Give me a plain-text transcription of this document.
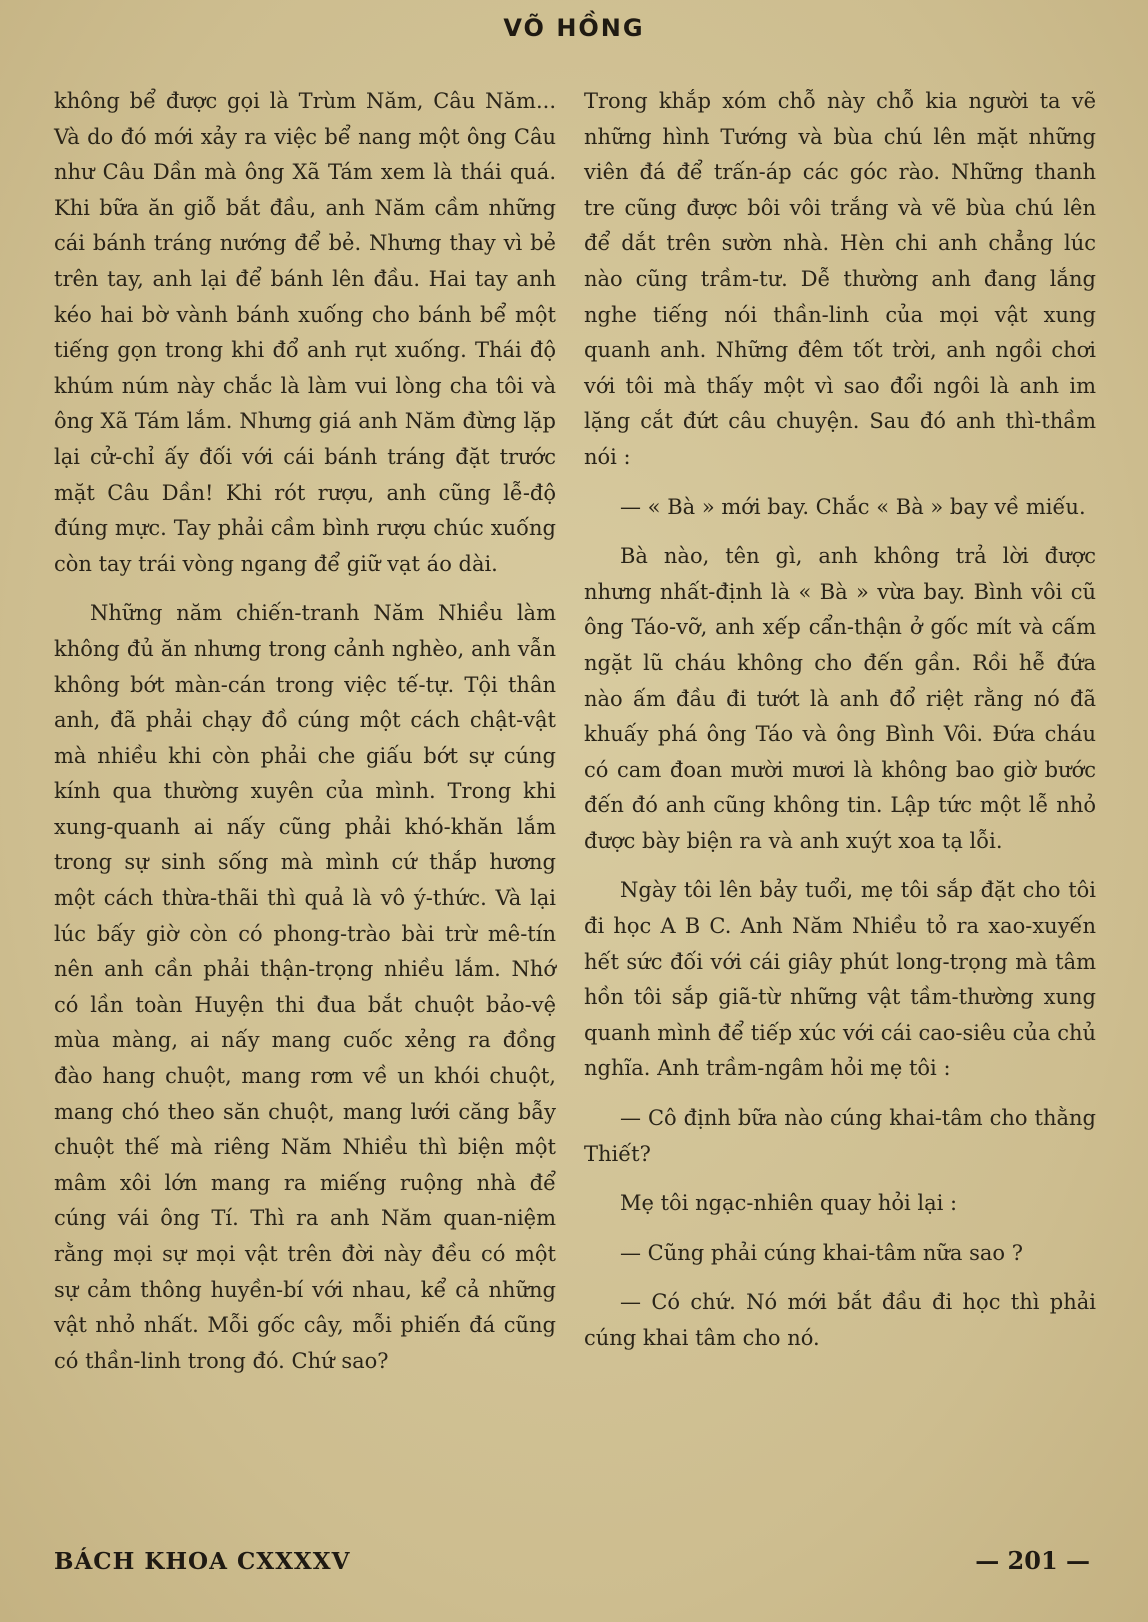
VÕ HỒNG

không bể được gọi là Trùm Năm, Câu Năm... Và do đó mới xảy ra việc bể nang một ông Câu như Câu Dần mà ông Xã Tám xem là thái quá. Khi bữa ăn giỗ bắt đầu, anh Năm cầm những cái bánh tráng nướng để bẻ. Nhưng thay vì bẻ trên tay, anh lại để bánh lên đầu. Hai tay anh kéo hai bờ vành bánh xuống cho bánh bể một tiếng gọn trong khi đổ anh rụt xuống. Thái độ khúm núm này chắc là làm vui lòng cha tôi và ông Xã Tám lắm. Nhưng giá anh Năm đừng lặp lại cử-chỉ ấy đối với cái bánh tráng đặt trước mặt Câu Dần! Khi rót rượu, anh cũng lễ-độ đúng mực. Tay phải cầm bình rượu chúc xuống còn tay trái vòng ngang để giữ vạt áo dài.

Những năm chiến-tranh Năm Nhiều làm không đủ ăn nhưng trong cảnh nghèo, anh vẫn không bớt màn-cán trong việc tế-tự. Tội thân anh, đã phải chạy đồ cúng một cách chật-vật mà nhiều khi còn phải che giấu bớt sự cúng kính qua thường xuyên của mình. Trong khi xung-quanh ai nấy cũng phải khó-khăn lắm trong sự sinh sống mà mình cứ thắp hương một cách thừa-thãi thì quả là vô ý-thức. Và lại lúc bấy giờ còn có phong-trào bài trừ mê-tín nên anh cần phải thận-trọng nhiều lắm. Nhớ có lần toàn Huyện thi đua bắt chuột bảo-vệ mùa màng, ai nấy mang cuốc xẻng ra đồng đào hang chuột, mang rơm về un khói chuột, mang chó theo săn chuột, mang lưới căng bẫy chuột thế mà riêng Năm Nhiều thì biện một mâm xôi lớn mang ra miếng ruộng nhà để cúng vái ông Tí. Thì ra anh Năm quan-niệm rằng mọi sự mọi vật trên đời này đều có một sự cảm thông huyền-bí với nhau, kể cả những vật nhỏ nhất. Mỗi gốc cây, mỗi phiến đá cũng có thần-linh trong đó. Chứ sao?

Trong khắp xóm chỗ này chỗ kia người ta vẽ những hình Tướng và bùa chú lên mặt những viên đá để trấn-áp các góc rào. Những thanh tre cũng được bôi vôi trắng và vẽ bùa chú lên để dắt trên sườn nhà. Hèn chi anh chẳng lúc nào cũng trầm-tư. Dễ thường anh đang lắng nghe tiếng nói thần-linh của mọi vật xung quanh anh. Những đêm tốt trời, anh ngồi chơi với tôi mà thấy một vì sao đổi ngôi là anh im lặng cắt đứt câu chuyện. Sau đó anh thì-thầm nói :

— « Bà » mới bay. Chắc « Bà » bay về miếu.

Bà nào, tên gì, anh không trả lời được nhưng nhất-định là « Bà » vừa bay. Bình vôi cũ ông Táo-vỡ, anh xếp cẩn-thận ở gốc mít và cấm ngặt lũ cháu không cho đến gần. Rồi hễ đứa nào ấm đầu đi tướt là anh đổ riệt rằng nó đã khuấy phá ông Táo và ông Bình Vôi. Đứa cháu có cam đoan mười mươi là không bao giờ bước đến đó anh cũng không tin. Lập tức một lễ nhỏ được bày biện ra và anh xuýt xoa tạ lỗi.

Ngày tôi lên bảy tuổi, mẹ tôi sắp đặt cho tôi đi học A B C. Anh Năm Nhiều tỏ ra xao-xuyến hết sức đối với cái giây phút long-trọng mà tâm hồn tôi sắp giã-từ những vật tầm-thường xung quanh mình để tiếp xúc với cái cao-siêu của chủ nghĩa. Anh trầm-ngâm hỏi mẹ tôi :

— Cô định bữa nào cúng khai-tâm cho thằng Thiết?

Mẹ tôi ngạc-nhiên quay hỏi lại :

— Cũng phải cúng khai-tâm nữa sao ?

— Có chứ. Nó mới bắt đầu đi học thì phải cúng khai tâm cho nó.

BÁCH KHOA CXXXXV	— 201 —
